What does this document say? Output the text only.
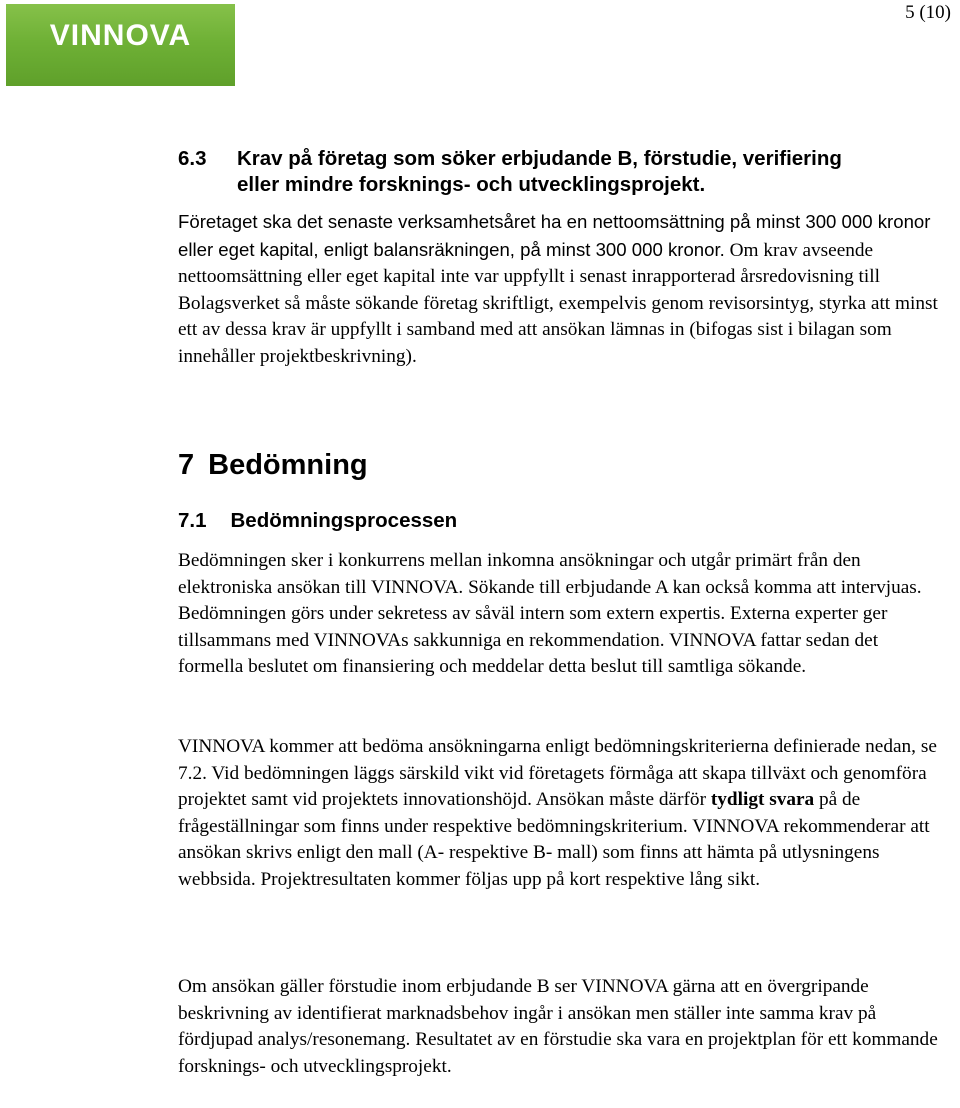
VINNOVA
5 (10)
6.3 Krav på företag som söker erbjudande B, förstudie, verifiering
eller mindre forsknings- och utvecklingsprojekt.

Företaget ska det senaste verksamhetsåret ha en nettoomsättning på minst 300 000 kronor eller eget kapital, enligt balansräkningen, på minst 300 000 kronor. Om krav avseende nettoomsättning eller eget kapital inte var uppfyllt i senast inrapporterad årsredovisning till Bolagsverket så måste sökande företag skriftligt, exempelvis genom revisorsintyg, styrka att minst ett av dessa krav är uppfyllt i samband med att ansökan lämnas in (bifogas sist i bilagan som innehåller projektbeskrivning).

7 Bedömning
7.1 Bedömningsprocessen

Bedömningen sker i konkurrens mellan inkomna ansökningar och utgår primärt från den elektroniska ansökan till VINNOVA. Sökande till erbjudande A kan också komma att intervjuas. Bedömningen görs under sekretess av såväl intern som extern expertis. Externa experter ger tillsammans med VINNOVAs sakkunniga en rekommendation. VINNOVA fattar sedan det formella beslutet om finansiering och meddelar detta beslut till samtliga sökande.

VINNOVA kommer att bedöma ansökningarna enligt bedömningskriterierna definierade nedan, se 7.2. Vid bedömningen läggs särskild vikt vid företagets förmåga att skapa tillväxt och genomföra projektet samt vid projektets innovationshöjd. Ansökan måste därför tydligt svara på de frågeställningar som finns under respektive bedömningskriterium. VINNOVA rekommenderar att ansökan skrivs enligt den mall (A- respektive B- mall) som finns att hämta på utlysningens webbsida. Projektresultaten kommer följas upp på kort respektive lång sikt.

Om ansökan gäller förstudie inom erbjudande B ser VINNOVA gärna att en övergripande beskrivning av identifierat marknadsbehov ingår i ansökan men ställer inte samma krav på fördjupad analys/resonemang. Resultatet av en förstudie ska vara en projektplan för ett kommande forsknings- och utvecklingsprojekt.
